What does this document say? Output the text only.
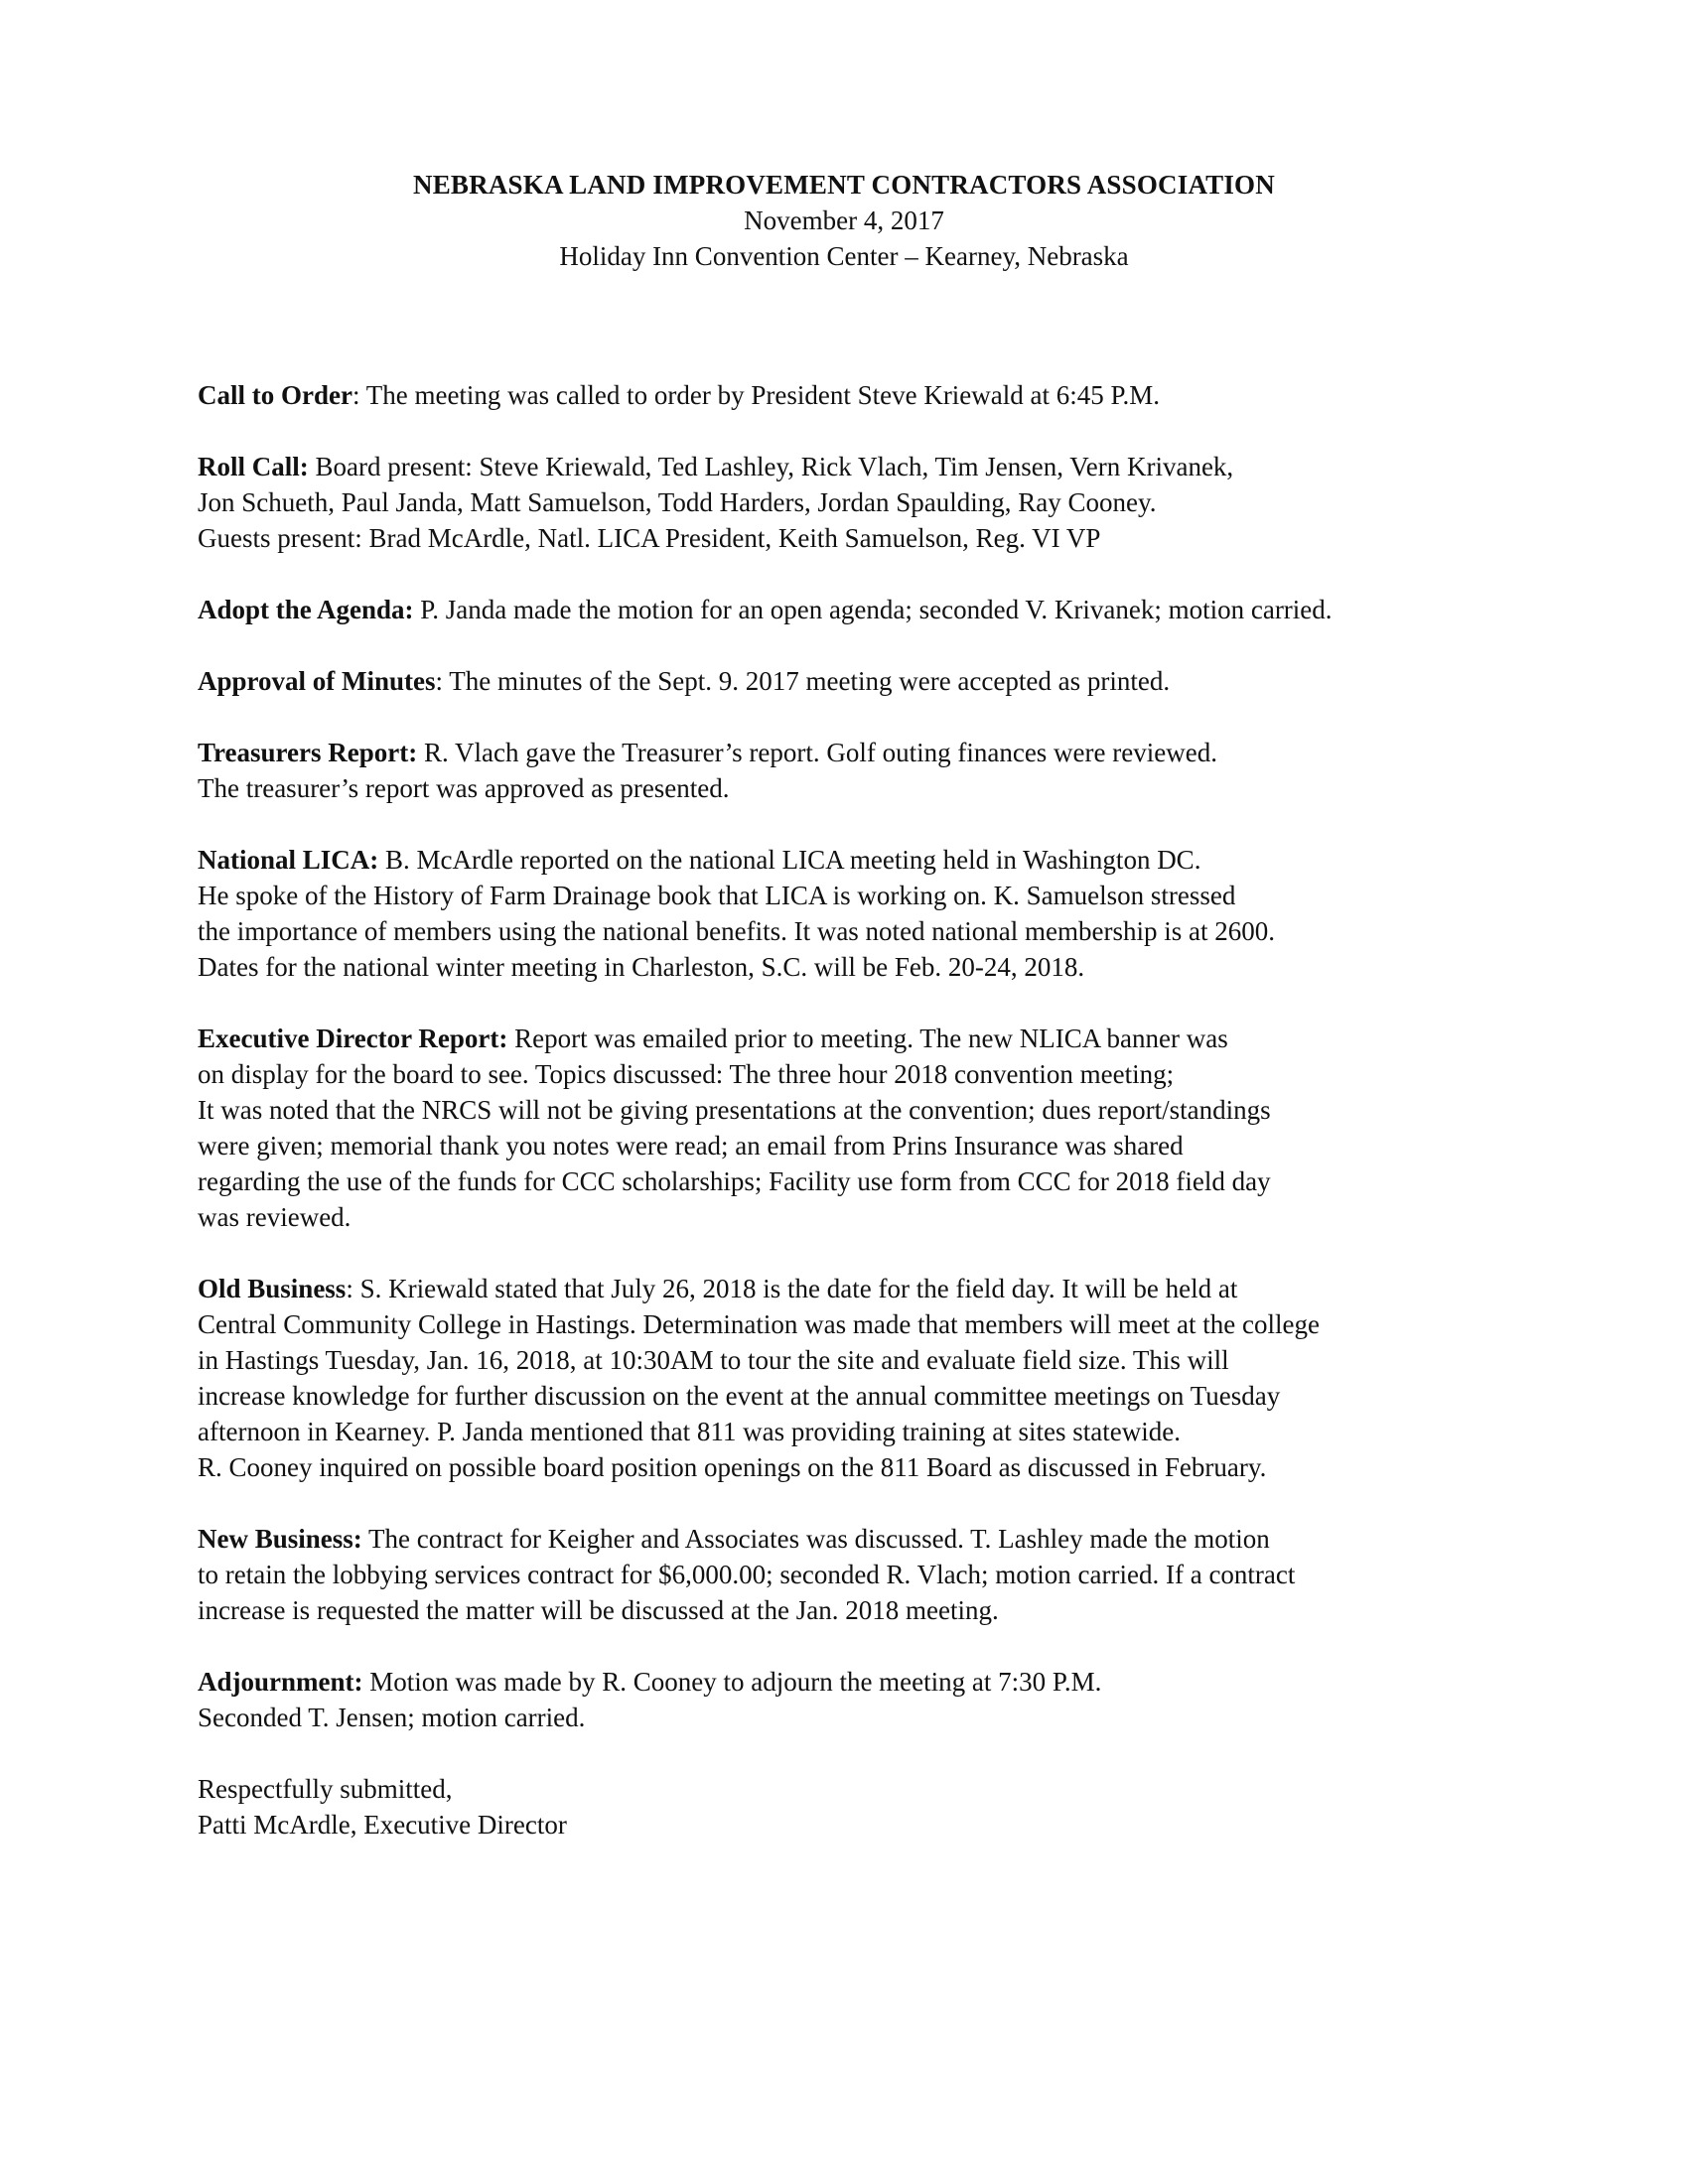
NEBRASKA LAND IMPROVEMENT CONTRACTORS ASSOCIATION
November 4, 2017
Holiday Inn Convention Center – Kearney, Nebraska
Call to Order: The meeting was called to order by President Steve Kriewald at 6:45 P.M.
Roll Call: Board present: Steve Kriewald, Ted Lashley, Rick Vlach, Tim Jensen, Vern Krivanek,
Jon Schueth, Paul Janda, Matt Samuelson, Todd Harders, Jordan Spaulding, Ray Cooney.
Guests present: Brad McArdle, Natl. LICA President, Keith Samuelson, Reg. VI VP
Adopt the Agenda: P. Janda made the motion for an open agenda; seconded V. Krivanek; motion carried.
Approval of Minutes: The minutes of the Sept. 9. 2017 meeting were accepted as printed.
Treasurers Report: R. Vlach gave the Treasurer’s report. Golf outing finances were reviewed.
The treasurer’s report was approved as presented.
National LICA: B. McArdle reported on the national LICA meeting held in Washington DC.
He spoke of the History of Farm Drainage book that LICA is working on. K. Samuelson stressed
the importance of members using the national benefits. It was noted national membership is at 2600.
Dates for the national winter meeting in Charleston, S.C. will be Feb. 20-24, 2018.
Executive Director Report: Report was emailed prior to meeting. The new NLICA banner was
on display for the board to see. Topics discussed: The three hour 2018 convention meeting;
It was noted that the NRCS will not be giving presentations at the convention; dues report/standings
were given; memorial thank you notes were read; an email from Prins Insurance was shared
regarding the use of the funds for CCC scholarships; Facility use form from CCC for 2018 field day
was reviewed.
Old Business: S. Kriewald stated that July 26, 2018 is the date for the field day. It will be held at
Central Community College in Hastings. Determination was made that members will meet at the college
in Hastings Tuesday, Jan. 16, 2018, at 10:30AM to tour the site and evaluate field size. This will
increase knowledge for further discussion on the event at the annual committee meetings on Tuesday
afternoon in Kearney. P. Janda mentioned that 811 was providing training at sites statewide.
R. Cooney inquired on possible board position openings on the 811 Board as discussed in February.
New Business: The contract for Keigher and Associates was discussed. T. Lashley made the motion
to retain the lobbying services contract for $6,000.00; seconded R. Vlach; motion carried. If a contract
increase is requested the matter will be discussed at the Jan. 2018 meeting.
Adjournment: Motion was made by R. Cooney to adjourn the meeting at 7:30 P.M.
Seconded T. Jensen; motion carried.
Respectfully submitted,
Patti McArdle, Executive Director
